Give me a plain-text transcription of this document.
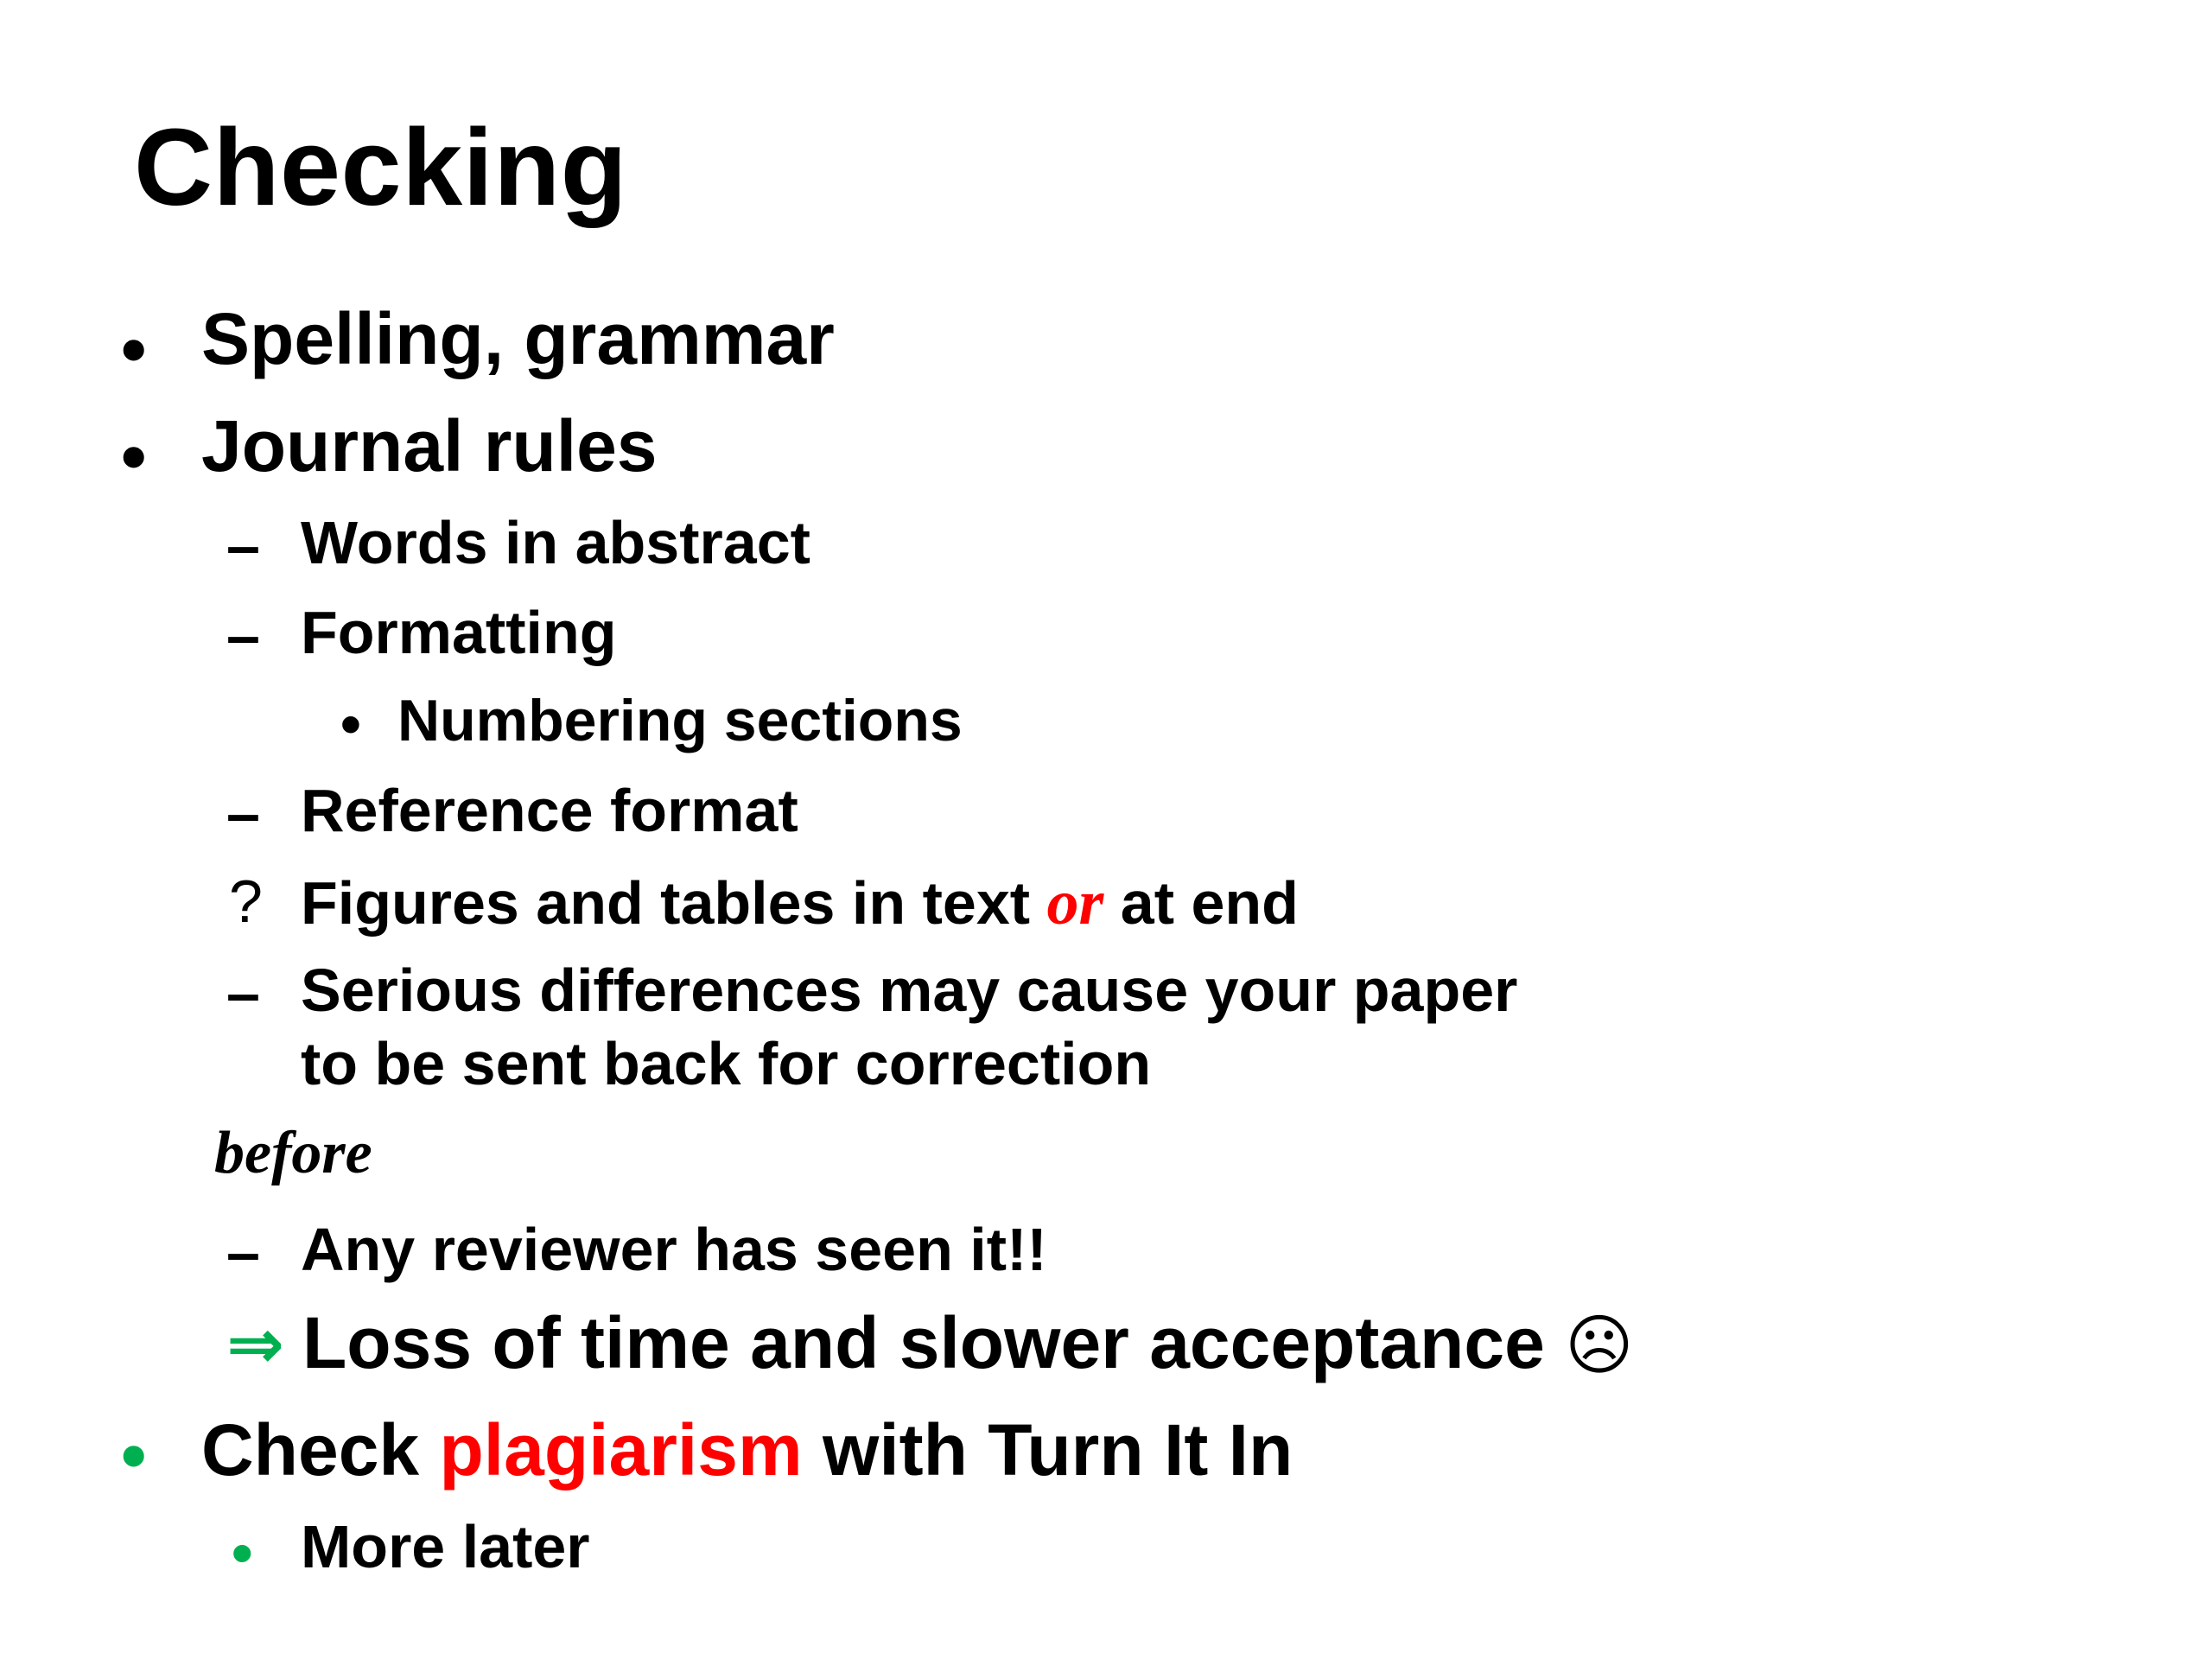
Checking
• Spelling, grammar
• Journal rules
– Words in abstract
– Formatting
• Numbering sections
– Reference format
? Figures and tables in text or at end
– Serious differences may cause your paper
to be sent back for correction
before
– Any reviewer has seen it!!
⇒ Loss of time and slower acceptance ☹
• Check plagiarism with Turn It In
• More later
